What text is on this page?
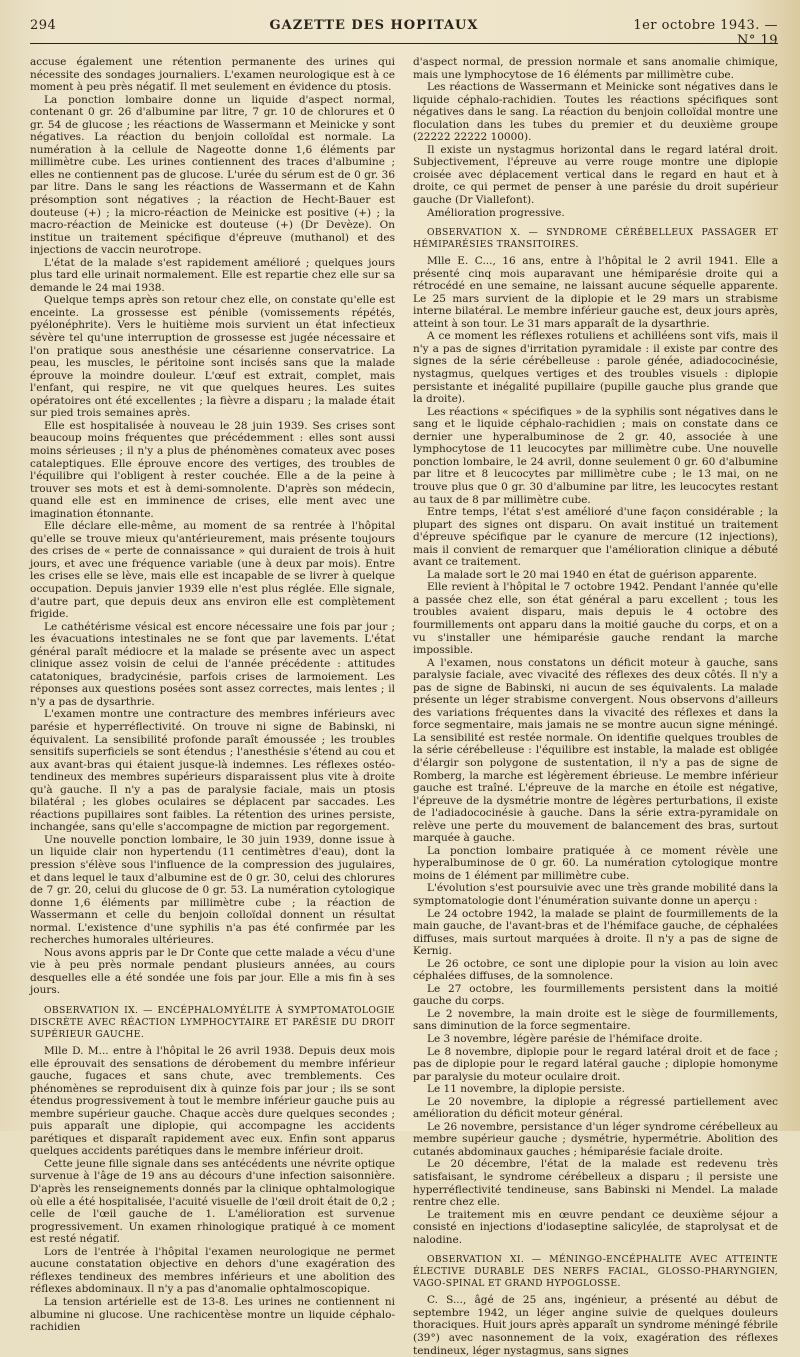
294	GAZETTE DES HOPITAUX	1er octobre 1943. — N° 19

accuse également une rétention permanente des urines qui nécessite des sondages journaliers. L'examen neurologique est à ce moment à peu près négatif. Il met seulement en évidence du ptosis.

La ponction lombaire donne un liquide d'aspect normal, contenant 0 gr. 26 d'albumine par litre, 7 gr. 10 de chlorures et 0 gr. 54 de glucose ; les réactions de Wassermann et Meinicke y sont négatives. La réaction du benjoin colloïdal est normale. La numération à la cellule de Nageotte donne 1,6 éléments par millimètre cube. Les urines contiennent des traces d'albumine ; elles ne contiennent pas de glucose. L'urée du sérum est de 0 gr. 36 par litre. Dans le sang les réactions de Wassermann et de Kahn présomption sont négatives ; la réaction de Hecht-Bauer est douteuse (+) ; la micro-réaction de Meinicke est positive (+) ; la macro-réaction de Meinicke est douteuse (+) (Dr Devèze). On institue un traitement spécifique d'épreuve (muthanol) et des injections de vaccin neurotrope.

L'état de la malade s'est rapidement amélioré ; quelques jours plus tard elle urinait normalement. Elle est repartie chez elle sur sa demande le 24 mai 1938.

Quelque temps après son retour chez elle, on constate qu'elle est enceinte. La grossesse est pénible (vomissements répétés, pyélonéphrite). Vers le huitième mois survient un état infectieux sévère tel qu'une interruption de grossesse est jugée nécessaire et l'on pratique sous anesthésie une césarienne conservatrice. La peau, les muscles, le péritoine sont incisés sans que la malade éprouve la moindre douleur. L'œuf est extrait, complet, mais l'enfant, qui respire, ne vit que quelques heures. Les suites opératoires ont été excellentes ; la fièvre a disparu ; la malade était sur pied trois semaines après.

Elle est hospitalisée à nouveau le 28 juin 1939. Ses crises sont beaucoup moins fréquentes que précédemment : elles sont aussi moins sérieuses ; il n'y a plus de phénomènes comateux avec poses cataleptiques. Elle éprouve encore des vertiges, des troubles de l'équilibre qui l'obligent à rester couchée. Elle a de la peine à trouver ses mots et est à demi-somnolente. D'après son médecin, quand elle est en imminence de crises, elle ment avec une imagination étonnante.

Elle déclare elle-même, au moment de sa rentrée à l'hôpital qu'elle se trouve mieux qu'antérieurement, mais présente toujours des crises de « perte de connaissance » qui duraient de trois à huit jours, et avec une fréquence variable (une à deux par mois). Entre les crises elle se lève, mais elle est incapable de se livrer à quelque occupation. Depuis janvier 1939 elle n'est plus réglée. Elle signale, d'autre part, que depuis deux ans environ elle est complètement frigide.

Le cathétérisme vésical est encore nécessaire une fois par jour ; les évacuations intestinales ne se font que par lavements. L'état général paraît médiocre et la malade se présente avec un aspect clinique assez voisin de celui de l'année précédente : attitudes catatoniques, bradycinésie, parfois crises de larmoiement. Les réponses aux questions posées sont assez correctes, mais lentes ; il n'y a pas de dysarthrie.

L'examen montre une contracture des membres inférieurs avec parésie et hyperréflectivité. On trouve ni signe de Babinski, ni équivalent. La sensibilité profonde paraît émoussée ; les troubles sensitifs superficiels se sont étendus ; l'anesthésie s'étend au cou et aux avant-bras qui étaient jusque-là indemnes. Les réflexes ostéo-tendineux des membres supérieurs disparaissent plus vite à droite qu'à gauche. Il n'y a pas de paralysie faciale, mais un ptosis bilatéral ; les globes oculaires se déplacent par saccades. Les réactions pupillaires sont faibles. La rétention des urines persiste, inchangée, sans qu'elle s'accompagne de miction par regorgement.

Une nouvelle ponction lombaire, le 30 juin 1939, donne issue à un liquide clair non hypertendu (11 centimètres d'eau), dont la pression s'élève sous l'influence de la compression des jugulaires, et dans lequel le taux d'albumine est de 0 gr. 30, celui des chlorures de 7 gr. 20, celui du glucose de 0 gr. 53. La numération cytologique donne 1,6 éléments par millimètre cube ; la réaction de Wassermann et celle du benjoin colloïdal donnent un résultat normal. L'existence d'une syphilis n'a pas été confirmée par les recherches humorales ultérieures.

Nous avons appris par le Dr Conte que cette malade a vécu d'une vie à peu près normale pendant plusieurs années, au cours desquelles elle a été sondée une fois par jour. Elle a mis fin à ses jours.

OBSERVATION IX. — ENCÉPHALOMYÉLITE À SYMPTOMATOLOGIE DISCRÈTE AVEC RÉACTION LYMPHOCYTAIRE ET PARÉSIE DU DROIT SUPÉRIEUR GAUCHE.

Mlle D. M... entre à l'hôpital le 26 avril 1938. Depuis deux mois elle éprouvait des sensations de dérobement du membre inférieur gauche, fugaces et sans chute, avec tremblements. Ces phénomènes se reproduisent dix à quinze fois par jour ; ils se sont étendus progressivement à tout le membre inférieur gauche puis au membre supérieur gauche. Chaque accès dure quelques secondes ; puis apparaît une diplopie, qui accompagne les accidents parétiques et disparaît rapidement avec eux. Enfin sont apparus quelques accidents parétiques dans le membre inférieur droit.

Cette jeune fille signale dans ses antécédents une névrite optique survenue à l'âge de 19 ans au décours d'une infection saisonnière. D'après les renseignements donnés par la clinique ophtalmologique où elle a été hospitalisée, l'acuité visuelle de l'œil droit était de 0,2 ; celle de l'œil gauche de 1. L'amélioration est survenue progressivement. Un examen rhinologique pratiqué à ce moment est resté négatif.

Lors de l'entrée à l'hôpital l'examen neurologique ne permet aucune constatation objective en dehors d'une exagération des réflexes tendineux des membres inférieurs et une abolition des réflexes abdominaux. Il n'y a pas d'anomalie ophtalmoscopique.

La tension artérielle est de 13-8. Les urines ne contiennent ni albumine ni glucose. Une rachicentèse montre un liquide céphalo-rachidien

d'aspect normal, de pression normale et sans anomalie chimique, mais une lymphocytose de 16 éléments par millimètre cube.

Les réactions de Wassermann et Meinicke sont négatives dans le liquide céphalo-rachidien. Toutes les réactions spécifiques sont négatives dans le sang. La réaction du benjoin colloïdal montre une floculation dans les tubes du premier et du deuxième groupe (22222 22222 10000).

Il existe un nystagmus horizontal dans le regard latéral droit. Subjectivement, l'épreuve au verre rouge montre une diplopie croisée avec déplacement vertical dans le regard en haut et à droite, ce qui permet de penser à une parésie du droit supérieur gauche (Dr Viallefont).

Amélioration progressive.

OBSERVATION X. — SYNDROME CÉRÉBELLEUX PASSAGER ET HÉMIPARÉSIES TRANSITOIRES.

Mlle E. C..., 16 ans, entre à l'hôpital le 2 avril 1941. Elle a présenté cinq mois auparavant une hémiparésie droite qui a rétrocédé en une semaine, ne laissant aucune séquelle apparente. Le 25 mars survient de la diplopie et le 29 mars un strabisme interne bilatéral. Le membre inférieur gauche est, deux jours après, atteint à son tour. Le 31 mars apparaît de la dysarthrie.

A ce moment les réflexes rotuliens et achilléens sont vifs, mais il n'y a pas de signes d'irritation pyramidale : il existe par contre des signes de la série cérébelleuse : parole génée, adiadococinésie, nystagmus, quelques vertiges et des troubles visuels : diplopie persistante et inégalité pupillaire (pupille gauche plus grande que la droite).

Les réactions « spécifiques » de la syphilis sont négatives dans le sang et le liquide céphalo-rachidien ; mais on constate dans ce dernier une hyperalbuminose de 2 gr. 40, associée à une lymphocytose de 11 leucocytes par millimètre cube. Une nouvelle ponction lombaire, le 24 avril, donne seulement 0 gr. 60 d'albumine par litre et 8 leucocytes par millimètre cube ; le 13 mai, on ne trouve plus que 0 gr. 30 d'albumine par litre, les leucocytes restant au taux de 8 par millimètre cube.

Entre temps, l'état s'est amélioré d'une façon considérable ; la plupart des signes ont disparu. On avait institué un traitement d'épreuve spécifique par le cyanure de mercure (12 injections), mais il convient de remarquer que l'amélioration clinique a débuté avant ce traitement.

La malade sort le 20 mai 1940 en état de guérison apparente.

Elle revient à l'hôpital le 7 octobre 1942. Pendant l'année qu'elle a passée chez elle, son état général a paru excellent ; tous les troubles avaient disparu, mais depuis le 4 octobre des fourmillements ont apparu dans la moitié gauche du corps, et on a vu s'installer une hémiparésie gauche rendant la marche impossible.

A l'examen, nous constatons un déficit moteur à gauche, sans paralysie faciale, avec vivacité des réflexes des deux côtés. Il n'y a pas de signe de Babinski, ni aucun de ses équivalents. La malade présente un léger strabisme convergent. Nous observons d'ailleurs des variations fréquentes dans la vivacité des réflexes et dans la force segmentaire, mais jamais ne se montre aucun signe méningé. La sensibilité est restée normale. On identifie quelques troubles de la série cérébelleuse : l'équilibre est instable, la malade est obligée d'élargir son polygone de sustentation, il n'y a pas de signe de Romberg, la marche est légèrement ébrieuse. Le membre inférieur gauche est traîné. L'épreuve de la marche en étoile est négative, l'épreuve de la dysmétrie montre de légères perturbations, il existe de l'adiadococinésie à gauche. Dans la série extra-pyramidale on relève une perte du mouvement de balancement des bras, surtout marquée à gauche.

La ponction lombaire pratiquée à ce moment révèle une hyperalbuminose de 0 gr. 60. La numération cytologique montre moins de 1 élément par millimètre cube.

L'évolution s'est poursuivie avec une très grande mobilité dans la symptomatologie dont l'énumération suivante donne un aperçu :

Le 24 octobre 1942, la malade se plaint de fourmillements de la main gauche, de l'avant-bras et de l'hémiface gauche, de céphalées diffuses, mais surtout marquées à droite. Il n'y a pas de signe de Kernig.

Le 26 octobre, ce sont une diplopie pour la vision au loin avec céphalées diffuses, de la somnolence.

Le 27 octobre, les fourmillements persistent dans la moitié gauche du corps.

Le 2 novembre, la main droite est le siège de fourmillements, sans diminution de la force segmentaire.

Le 3 novembre, légère parésie de l'hémiface droite.

Le 8 novembre, diplopie pour le regard latéral droit et de face ; pas de diplopie pour le regard latéral gauche ; diplopie homonyme par paralysie du moteur oculaire droit.

Le 11 novembre, la diplopie persiste.

Le 20 novembre, la diplopie a régressé partiellement avec amélioration du déficit moteur général.

Le 26 novembre, persistance d'un léger syndrome cérébelleux au membre supérieur gauche ; dysmétrie, hypermétrie. Abolition des cutanés abdominaux gauches ; hémiparésie faciale droite.

Le 20 décembre, l'état de la malade est redevenu très satisfaisant, le syndrome cérébelleux a disparu ; il persiste une hyperréflectivité tendineuse, sans Babinski ni Mendel. La malade rentre chez elle.

Le traitement mis en œuvre pendant ce deuxième séjour a consisté en injections d'iodaseptine salicylée, de staprolysat et de nalodine.

OBSERVATION XI. — MÉNINGO-ENCÉPHALITE AVEC ATTEINTE ÉLECTIVE DURABLE DES NERFS FACIAL, GLOSSO-PHARYNGIEN, VAGO-SPINAL ET GRAND HYPOGLOSSE.

C. S..., âgé de 25 ans, ingénieur, a présenté au début de septembre 1942, un léger angine suivie de quelques douleurs thoraciques. Huit jours après apparaît un syndrome méningé fébrile (39°) avec nasonnement de la voix, exagération des réflexes tendineux, léger nystagmus, sans signes
